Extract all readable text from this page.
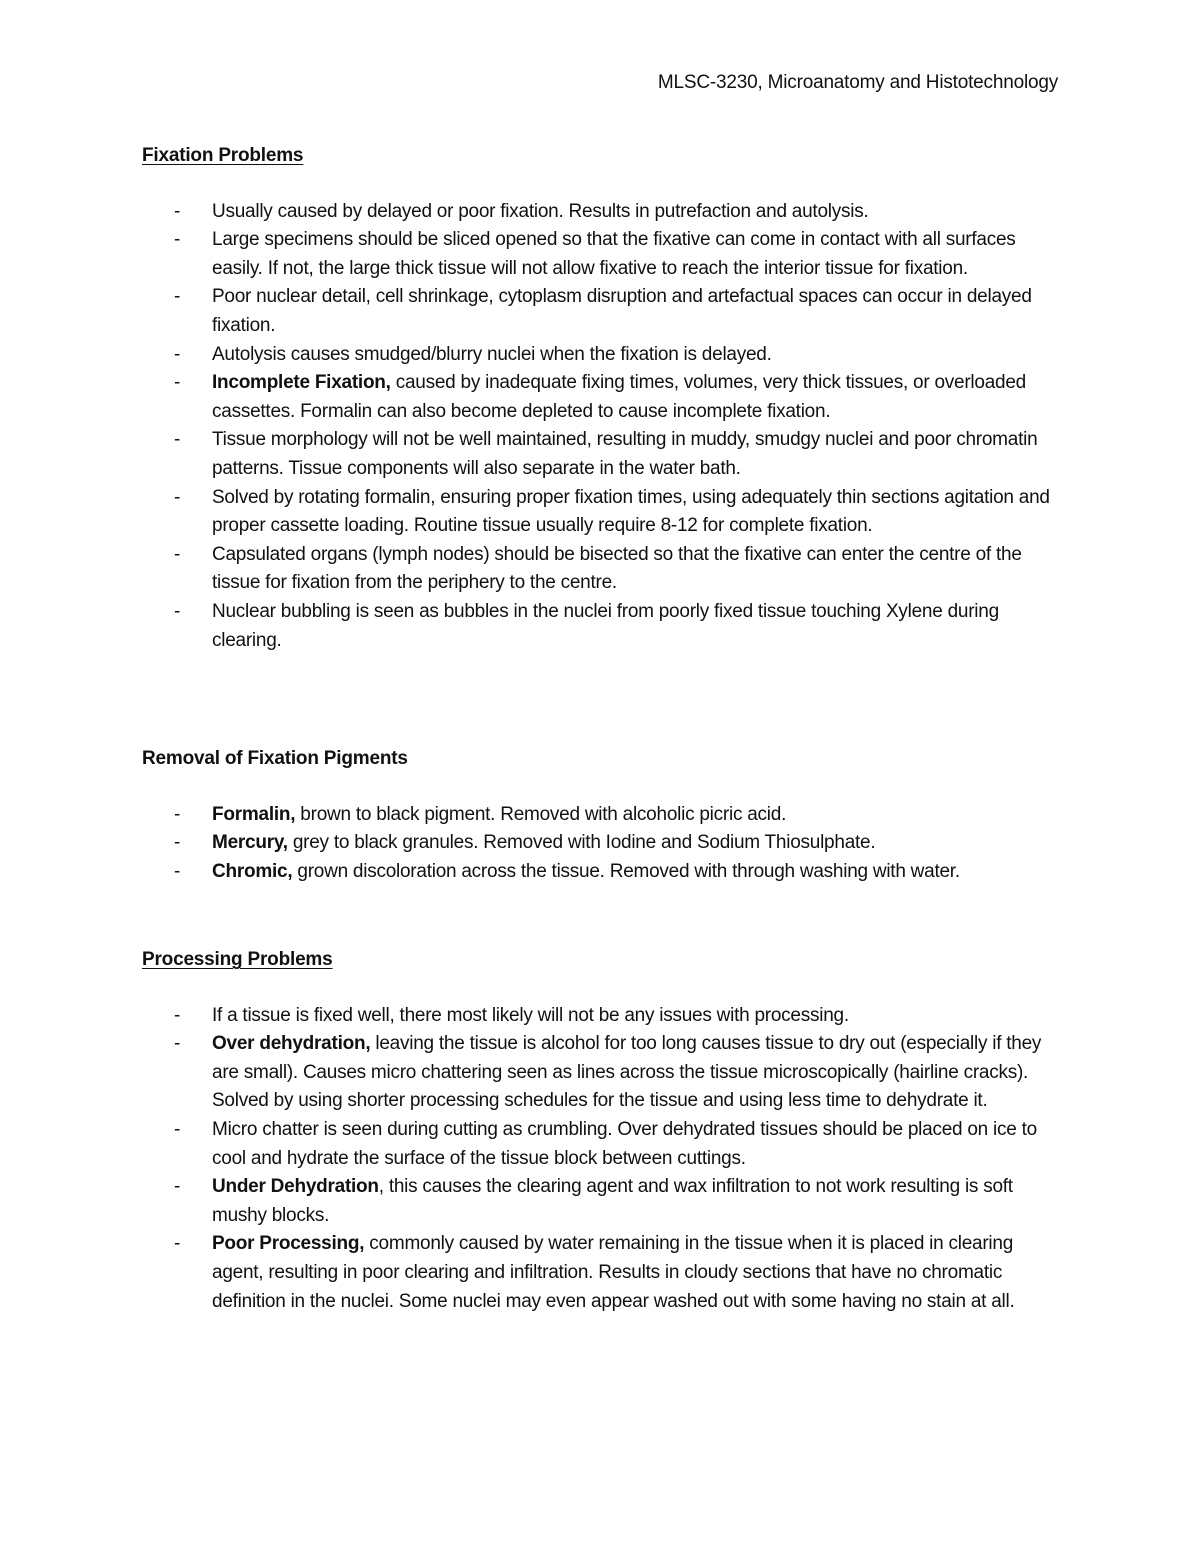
MLSC-3230, Microanatomy and Histotechnology
Fixation Problems
- Usually caused by delayed or poor fixation. Results in putrefaction and autolysis.
- Large specimens should be sliced opened so that the fixative can come in contact with all surfaces easily. If not, the large thick tissue will not allow fixative to reach the interior tissue for fixation.
- Poor nuclear detail, cell shrinkage, cytoplasm disruption and artefactual spaces can occur in delayed fixation.
- Autolysis causes smudged/blurry nuclei when the fixation is delayed.
- Incomplete Fixation, caused by inadequate fixing times, volumes, very thick tissues, or overloaded cassettes. Formalin can also become depleted to cause incomplete fixation.
- Tissue morphology will not be well maintained, resulting in muddy, smudgy nuclei and poor chromatin patterns. Tissue components will also separate in the water bath.
- Solved by rotating formalin, ensuring proper fixation times, using adequately thin sections agitation and proper cassette loading. Routine tissue usually require 8-12 for complete fixation.
- Capsulated organs (lymph nodes) should be bisected so that the fixative can enter the centre of the tissue for fixation from the periphery to the centre.
- Nuclear bubbling is seen as bubbles in the nuclei from poorly fixed tissue touching Xylene during clearing.
Removal of Fixation Pigments
- Formalin, brown to black pigment. Removed with alcoholic picric acid.
- Mercury, grey to black granules. Removed with Iodine and Sodium Thiosulphate.
- Chromic, grown discoloration across the tissue. Removed with through washing with water.
Processing Problems
- If a tissue is fixed well, there most likely will not be any issues with processing.
- Over dehydration, leaving the tissue is alcohol for too long causes tissue to dry out (especially if they are small). Causes micro chattering seen as lines across the tissue microscopically (hairline cracks). Solved by using shorter processing schedules for the tissue and using less time to dehydrate it.
- Micro chatter is seen during cutting as crumbling. Over dehydrated tissues should be placed on ice to cool and hydrate the surface of the tissue block between cuttings.
- Under Dehydration, this causes the clearing agent and wax infiltration to not work resulting is soft mushy blocks.
- Poor Processing, commonly caused by water remaining in the tissue when it is placed in clearing agent, resulting in poor clearing and infiltration. Results in cloudy sections that have no chromatic definition in the nuclei. Some nuclei may even appear washed out with some having no stain at all.
